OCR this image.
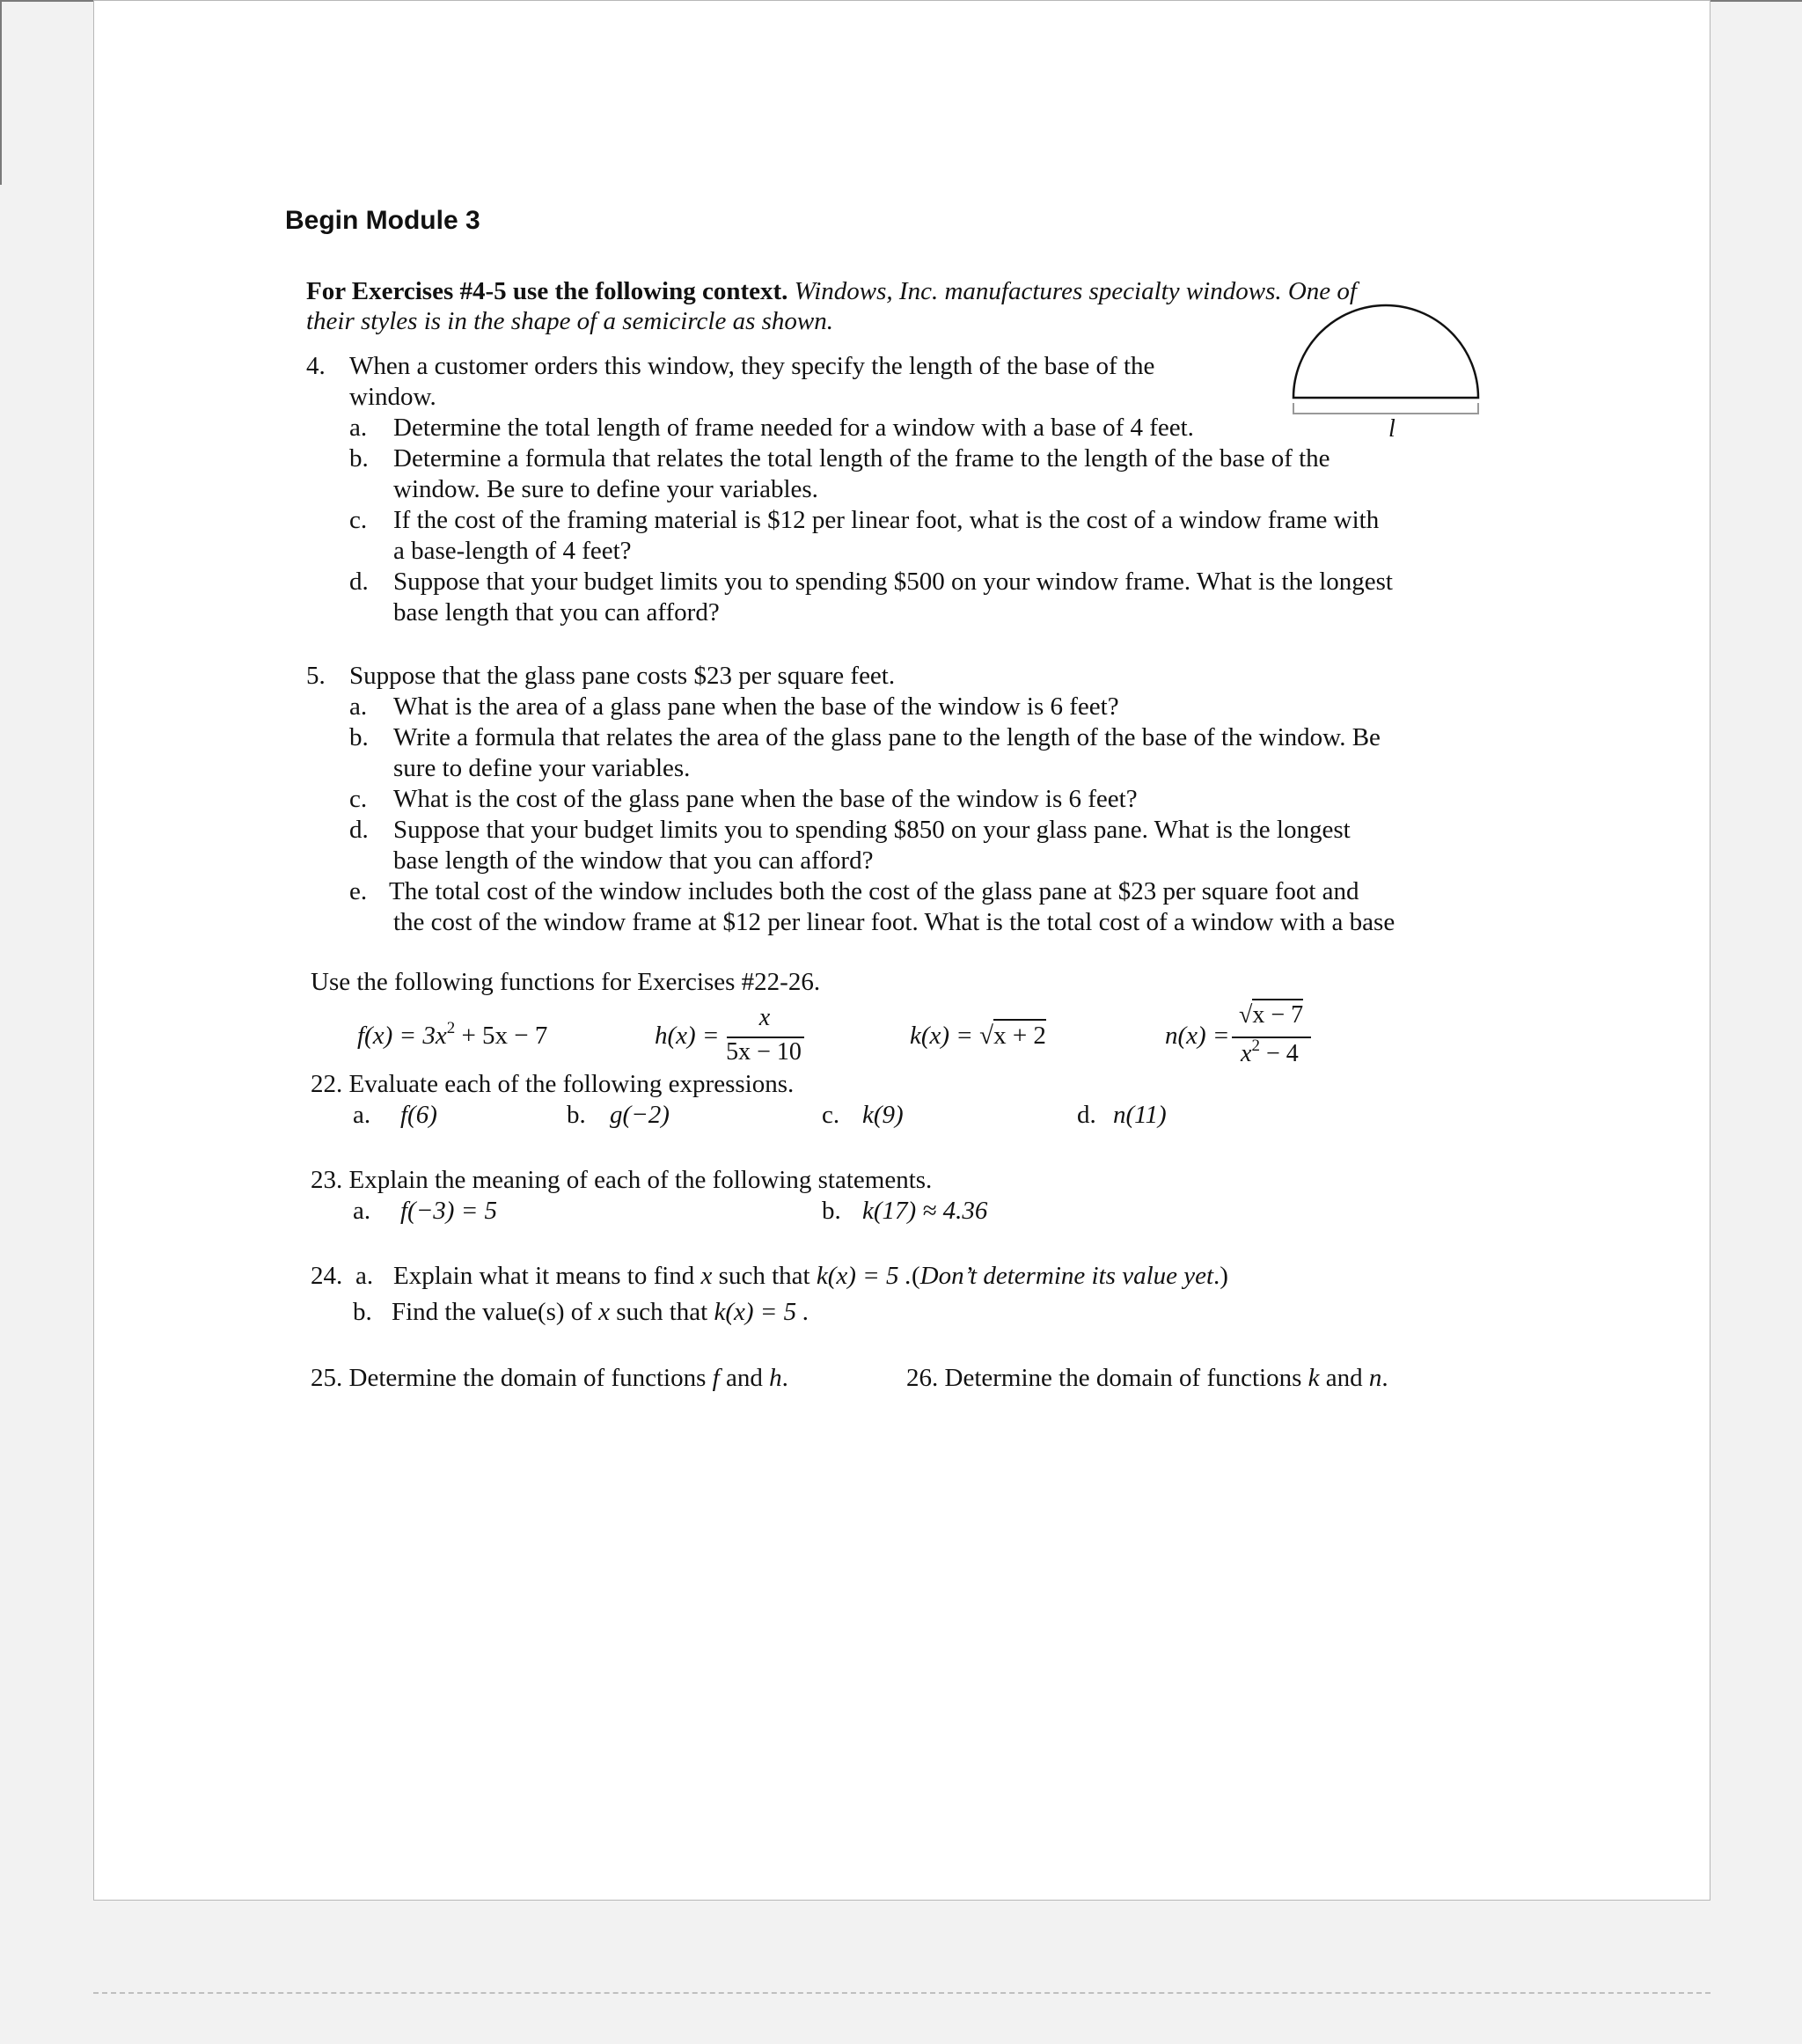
Begin Module 3
For Exercises #4-5 use the following context. Windows, Inc. manufactures specialty windows. One of
their styles is in the shape of a semicircle as shown.
l
4. When a customer orders this window, they specify the length of the base of the
window.
a. Determine the total length of frame needed for a window with a base of 4 feet.
b. Determine a formula that relates the total length of the frame to the length of the base of the
window. Be sure to define your variables.
c. If the cost of the framing material is $12 per linear foot, what is the cost of a window frame with
a base-length of 4 feet?
d. Suppose that your budget limits you to spending $500 on your window frame. What is the longest
base length that you can afford?
5. Suppose that the glass pane costs $23 per square feet.
a. What is the area of a glass pane when the base of the window is 6 feet?
b. Write a formula that relates the area of the glass pane to the length of the base of the window. Be
sure to define your variables.
c. What is the cost of the glass pane when the base of the window is 6 feet?
d. Suppose that your budget limits you to spending $850 on your glass pane. What is the longest
base length of the window that you can afford?
e. The total cost of the window includes both the cost of the glass pane at $23 per square foot and
the cost of the window frame at $12 per linear foot. What is the total cost of a window with a base
Use the following functions for Exercises #22-26.
$f(x) = 3x^2 + 5x - 7$	h(x) =
x
5x − 10
k(x) = √x + 2	n(x) =
√x − 7
$x^2 - 4$
22. Evaluate each of the following expressions.
a. f(6)	b. g(−2)	c. k(9)	d. n(11)
23. Explain the meaning of each of the following statements.
a. f(−3) = 5	b. k(17) ≈ 4.36
24. a. Explain what it means to find x such that k(x) = 5 .(Don’t determine its value yet.)
b. Find the value(s) of x such that k(x) = 5 .
25. Determine the domain of functions f and h.	26. Determine the domain of functions k and n.
